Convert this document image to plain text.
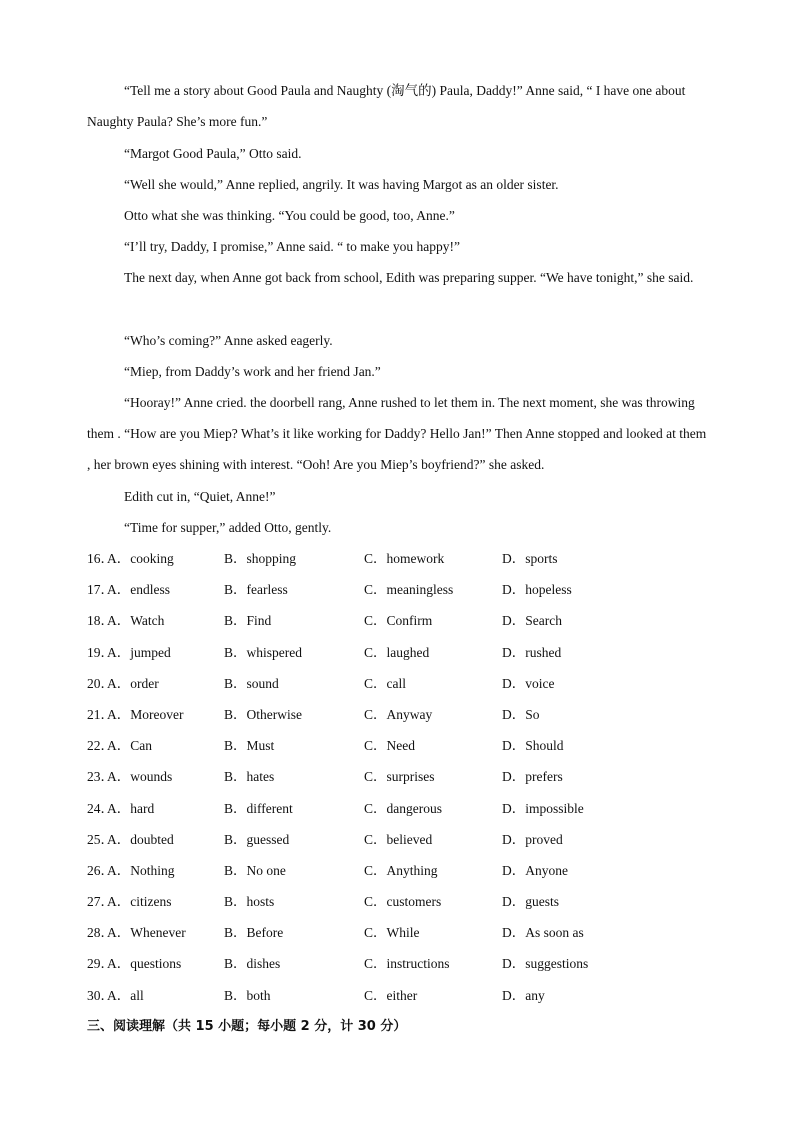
“Tell me a story about Good Paula and Naughty (淘气的) Paula, Daddy!” Anne said, “ I have one about Naughty Paula? She’s more fun.”

“Margot Good Paula,” Otto said.

“Well she would,” Anne replied, angrily. It was having Margot as an older sister.

Otto what she was thinking. “You could be good, too, Anne.”

“I’ll try, Daddy, I promise,” Anne said. “ to make you happy!”

The next day, when Anne got back from school, Edith was preparing supper. “We have tonight,” she said.

“Who’s coming?” Anne asked eagerly.

“Miep, from Daddy’s work and her friend Jan.”

“Hooray!” Anne cried. the doorbell rang, Anne rushed to let them in. The next moment, she was throwing them . “How are you Miep? What’s it like working for Daddy? Hello Jan!” Then Anne stopped and looked at them , her brown eyes shining with interest. “Ooh! Are you Miep’s boyfriend?” she asked.

Edith cut in, “Quiet, Anne!”

“Time for supper,” added Otto, gently.

16．
A．cooking	B．shopping	C．homework	D．sports
17．
A．endless	B．fearless	C．meaningless	D．hopeless
18．
A．Watch	B．Find	C．Confirm	D．Search
19．
A．jumped	B．whispered	C．laughed	D．rushed
20．
A．order	B．sound	C．call	D．voice
21．
A．Moreover	B．Otherwise	C．Anyway	D．So
22．
A．Can	B．Must	C．Need	D．Should
23．
A．wounds	B．hates	C．surprises	D．prefers
24．
A．hard	B．different	C．dangerous	D．impossible
25．
A．doubted	B．guessed	C．believed	D．proved
26．
A．Nothing	B．No one	C．Anything	D．Anyone
27．
A．citizens	B．hosts	C．customers	D．guests
28．
A．Whenever	B．Before	C．While	D．As soon as
29．
A．questions	B．dishes	C．instructions	D．suggestions
30．
A．all	B．both	C．either	D．any
三、阅读理解（共 15 小题；每小题 2 分，计 30 分）
